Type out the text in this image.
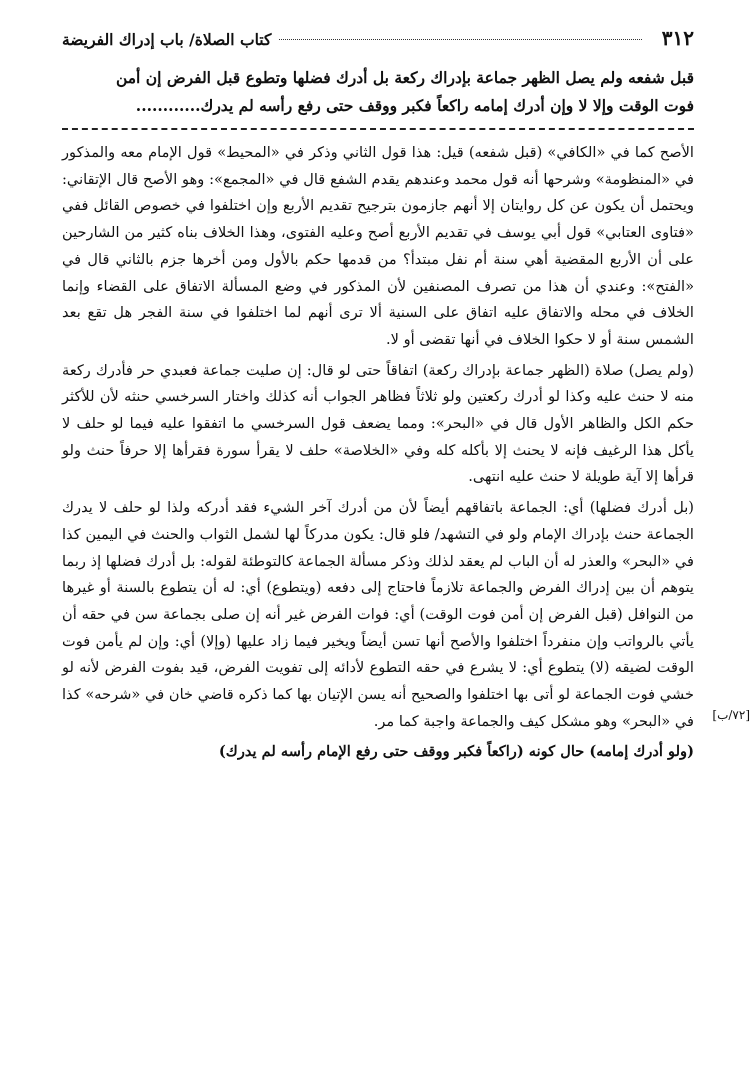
٣١٢
كتاب الصلاة/ باب إدراك الفريضة
قبل شفعه ولم يصل الظهر جماعة بإدراك ركعة بل أدرك فضلها وتطوع قبل الفرض إن أمن
فوت الوقت وإلا لا وإن أدرك إمامه راكعاً فكبر ووقف حتى رفع رأسه لم يدرك............

الأصح كما في «الكافي» (قبل شفعه) قيل: هذا قول الثاني وذكر في «المحيط» قول الإمام معه والمذكور في «المنظومة» وشرحها أنه قول محمد وعندهم يقدم الشفع قال في «المجمع»: وهو الأصح قال الإتقاني: ويحتمل أن يكون عن كل روايتان إلا أنهم جازمون بترجيح تقديم الأربع وإن اختلفوا في خصوص القائل ففي «فتاوى العتابي» قول أبي يوسف في تقديم الأربع أصح وعليه الفتوى، وهذا الخلاف بناه كثير من الشارحين على أن الأربع المقضية أهي سنة أم نفل مبتدأ؟ من قدمها حكم بالأول ومن أخرها جزم بالثاني قال في «الفتح»: وعندي أن هذا من تصرف المصنفين لأن المذكور في وضع المسألة الاتفاق على القضاء وإنما الخلاف في محله والاتفاق عليه اتفاق على السنية ألا ترى أنهم لما اختلفوا في سنة الفجر هل تقع بعد الشمس سنة أو لا حكوا الخلاف في أنها تقضى أو لا.

(ولم يصل) صلاة (الظهر جماعة بإدراك ركعة) اتفاقاً حتى لو قال: إن صليت جماعة فعبدي حر فأدرك ركعة منه لا حنث عليه وكذا لو أدرك ركعتين ولو ثلاثاً فظاهر الجواب أنه كذلك واختار السرخسي حنثه لأن للأكثر حكم الكل والظاهر الأول قال في «البحر»: ومما يضعف قول السرخسي ما اتفقوا عليه فيما لو حلف لا يأكل هذا الرغيف فإنه لا يحنث إلا بأكله كله وفي «الخلاصة» حلف لا يقرأ سورة فقرأها إلا حرفاً حنث ولو قرأها إلا آية طويلة لا حنث عليه انتهى.

(بل أدرك فضلها) أي: الجماعة باتفاقهم أيضاً لأن من أدرك آخر الشيء فقد أدركه ولذا لو حلف لا يدرك الجماعة حنث بإدراك الإمام ولو في التشهد/ فلو قال: يكون مدركاً لها لشمل الثواب والحنث في اليمين كذا في «البحر» والعذر له أن الباب لم يعقد لذلك وذكر مسألة الجماعة كالتوطئة لقوله: بل أدرك فضلها إذ ربما يتوهم أن بين إدراك الفرض والجماعة تلازماً فاحتاج إلى دفعه (ويتطوع) أي: له أن يتطوع بالسنة أو غيرها من النوافل (قبل الفرض إن أمن فوت الوقت) أي: فوات الفرض غير أنه إن صلى بجماعة سن في حقه أن يأتي بالرواتب وإن منفرداً اختلفوا والأصح أنها تسن أيضاً ويخير فيما زاد عليها (وإلا) أي: وإن لم يأمن فوت الوقت لضيقه (لا) يتطوع أي: لا يشرع في حقه التطوع لأدائه إلى تفويت الفرض، قيد بفوت الفرض لأنه لو خشي فوت الجماعة لو أتى بها اختلفوا والصحيح أنه يسن الإتيان بها كما ذكره قاضي خان في «شرحه» كذا في «البحر» وهو مشكل كيف والجماعة واجبة كما مر.

(ولو أدرك إمامه) حال كونه (راكعاً فكبر ووقف حتى رفع الإمام رأسه لم يدرك)

[٧٢/ب]
